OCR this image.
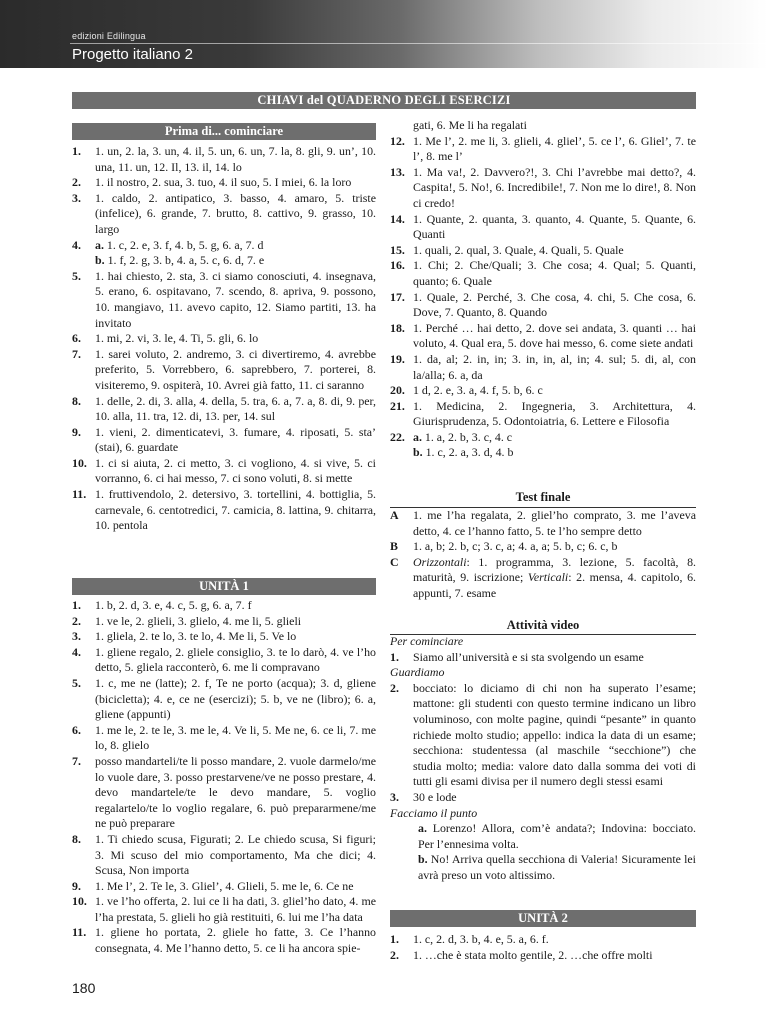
edizioni Edilingua
Progetto italiano 2
CHIAVI del QUADERNO DEGLI ESERCIZI
Prima di... cominciare
1.	1. un, 2. la, 3. un, 4. il, 5. un, 6. un, 7. la, 8. gli, 9. un’, 10. una, 11. un, 12. Il, 13. il, 14. lo
2.	1. il nostro, 2. sua, 3. tuo, 4. il suo, 5. I miei, 6. la loro
3.	1. caldo, 2. antipatico, 3. basso, 4. amaro, 5. triste (infelice), 6. grande, 7. brutto, 8. cattivo, 9. grasso, 10. largo
4.	a. 1. c, 2. e, 3. f, 4. b, 5. g, 6. a, 7. d
b. 1. f, 2. g, 3. b, 4. a, 5. c, 6. d, 7. e
5.	1. hai chiesto, 2. sta, 3. ci siamo conosciuti, 4. insegnava, 5. erano, 6. ospitavano, 7. scendo, 8. apriva, 9. possono, 10. mangiavo, 11. avevo capito, 12. Siamo partiti, 13. ha invitato
6.	1. mi, 2. vi, 3. le, 4. Ti, 5. gli, 6. lo
7.	1. sarei voluto, 2. andremo, 3. ci divertiremo, 4. avrebbe preferito, 5. Vorrebbero, 6. saprebbero, 7. porterei, 8. visiteremo, 9. ospiterà, 10. Avrei già fatto, 11. ci saranno
8.	1. delle, 2. di, 3. alla, 4. della, 5. tra, 6. a, 7. a, 8. di, 9. per, 10. alla, 11. tra, 12. di, 13. per, 14. sul
9.	1. vieni, 2. dimenticatevi, 3. fumare, 4. riposati, 5. sta’ (stai), 6. guardate
10. 1. ci si aiuta, 2. ci metto, 3. ci vogliono, 4. si vive, 5. ci vorranno, 6. ci hai messo, 7. ci sono voluti, 8. si mette
11. 1. fruttivendolo, 2. detersivo, 3. tortellini, 4. bottiglia, 5. carnevale, 6. centotredici, 7. camicia, 8. lattina, 9. chitarra, 10. pentola
UNITÀ 1
1.	1. b, 2. d, 3. e, 4. c, 5. g, 6. a, 7. f
2.	1. ve le, 2. glieli, 3. glielo, 4. me li, 5. glieli
3.	1. gliela, 2. te lo, 3. te lo, 4. Me li, 5. Ve lo
4.	1. gliene regalo, 2. gliele consiglio, 3. te lo darò, 4. ve l’ho detto, 5. gliela racconterò, 6. me li compravano
5.	1. c, me ne (latte); 2. f, Te ne porto (acqua); 3. d, gliene (bicicletta); 4. e, ce ne (esercizi); 5. b, ve ne (libro); 6. a, gliene (appunti)
6.	1. me le, 2. te le, 3. me le, 4. Ve li, 5. Me ne, 6. ce li, 7. me lo, 8. glielo
7.	posso mandarteli/te li posso mandare, 2. vuole darmelo/me lo vuole dare, 3. posso prestarvene/ve ne posso prestare, 4. devo mandartele/te le devo mandare, 5. voglio regalartelo/te lo voglio regalare, 6. può prepararmene/me ne può preparare
8.	1. Ti chiedo scusa, Figurati; 2. Le chiedo scusa, Si figuri; 3. Mi scuso del mio comportamento, Ma che dici; 4. Scusa, Non importa
9.	1. Me l’, 2. Te le, 3. Gliel’, 4. Glieli, 5. me le, 6. Ce ne
10. 1. ve l’ho offerta, 2. lui ce li ha dati, 3. gliel’ho dato, 4. me l’ha prestata, 5. glieli ho già restituiti, 6. lui me l’ha data
11. 1. gliene ho portata, 2. gliele ho fatte, 3. Ce l’hanno consegnata, 4. Me l’hanno detto, 5. ce li ha ancora spie-
gati, 6. Me li ha regalati
12. 1. Me l’, 2. me li, 3. glieli, 4. gliel’, 5. ce l’, 6. Gliel’, 7. te l’, 8. me l’
13. 1. Ma va!, 2. Davvero?!, 3. Chi l’avrebbe mai detto?, 4. Caspita!, 5. No!, 6. Incredibile!, 7. Non me lo dire!, 8. Non ci credo!
14. 1. Quante, 2. quanta, 3. quanto, 4. Quante, 5. Quante, 6. Quanti
15. 1. quali, 2. qual, 3. Quale, 4. Quali, 5. Quale
16. 1. Chi; 2. Che/Quali; 3. Che cosa; 4. Qual; 5. Quanti, quanto; 6. Quale
17. 1. Quale, 2. Perché, 3. Che cosa, 4. chi, 5. Che cosa, 6. Dove, 7. Quanto, 8. Quando
18. 1. Perché … hai detto, 2. dove sei andata, 3. quanti … hai voluto, 4. Qual era, 5. dove hai messo, 6. come siete andati
19. 1. da, al; 2. in, in; 3. in, in, al, in; 4. sul; 5. di, al, con la/alla; 6. a, da
20. 1 d, 2. e, 3. a, 4. f, 5. b, 6. c
21. 1. Medicina, 2. Ingegneria, 3. Architettura, 4. Giurisprudenza, 5. Odontoiatria, 6. Lettere e Filosofia
22. a. 1. a, 2. b, 3. c, 4. c
b. 1. c, 2. a, 3. d, 4. b
Test finale
A	1. me l’ha regalata, 2. gliel’ho comprato, 3. me l’aveva detto, 4. ce l’hanno fatto, 5. te l’ho sempre detto
B	1. a, b; 2. b, c; 3. c, a; 4. a, a; 5. b, c; 6. c, b
C	Orizzontali: 1. programma, 3. lezione, 5. facoltà, 8. maturità, 9. iscrizione; Verticali: 2. mensa, 4. capitolo, 6. appunti, 7. esame
Attività video
Per cominciare
1.	Siamo all’università e si sta svolgendo un esame
Guardiamo
2.	bocciato: lo diciamo di chi non ha superato l’esame; mattone: gli studenti con questo termine indicano un libro voluminoso, con molte pagine, quindi “pesante” in quanto richiede molto studio; appello: indica la data di un esame; secchiona: studentessa (al maschile “secchione”) che studia molto; media: valore dato dalla somma dei voti di tutti gli esami divisa per il numero degli stessi esami
3.	30 e lode
Facciamo il punto
a. Lorenzo! Allora, com’è andata?; Indovina: bocciato. Per l’ennesima volta.
b. No! Arriva quella secchiona di Valeria! Sicuramente lei avrà preso un voto altissimo.
UNITÀ 2
1.	1. c, 2. d, 3. b, 4. e, 5. a, 6. f.
2.	1. …che è stata molto gentile, 2. …che offre molti
180
